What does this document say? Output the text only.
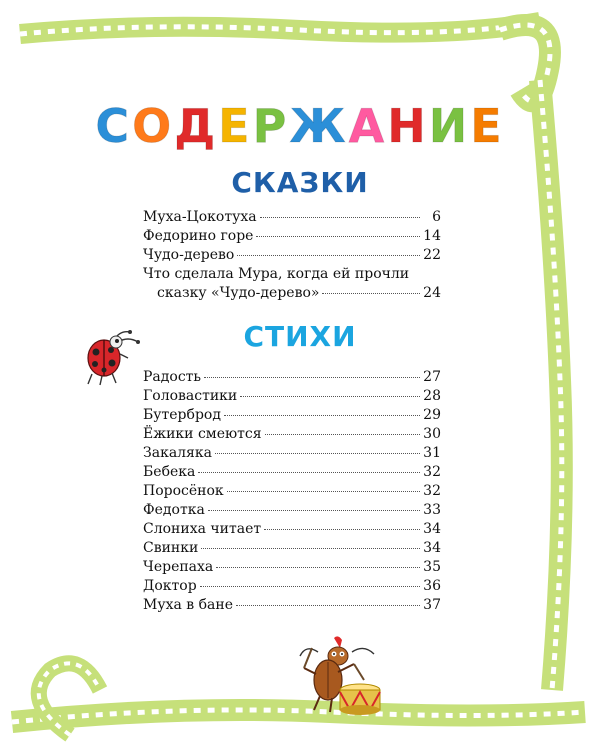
СОДЕРЖАНИЕ
СКАЗКИ
Муха-Цокотуха	6
Федорино горе	14
Чудо-дерево	22
Что сделала Мура, когда ей прочли
сказку «Чудо-дерево»	24
СТИХИ
Радость	27
Головастики	28
Бутерброд	29
Ёжики смеются	30
Закаляка	31
Бебека	32
Поросёнок	32
Федотка	33
Слониха читает	34
Свинки	34
Черепаха	35
Доктор	36
Муха в бане	37
